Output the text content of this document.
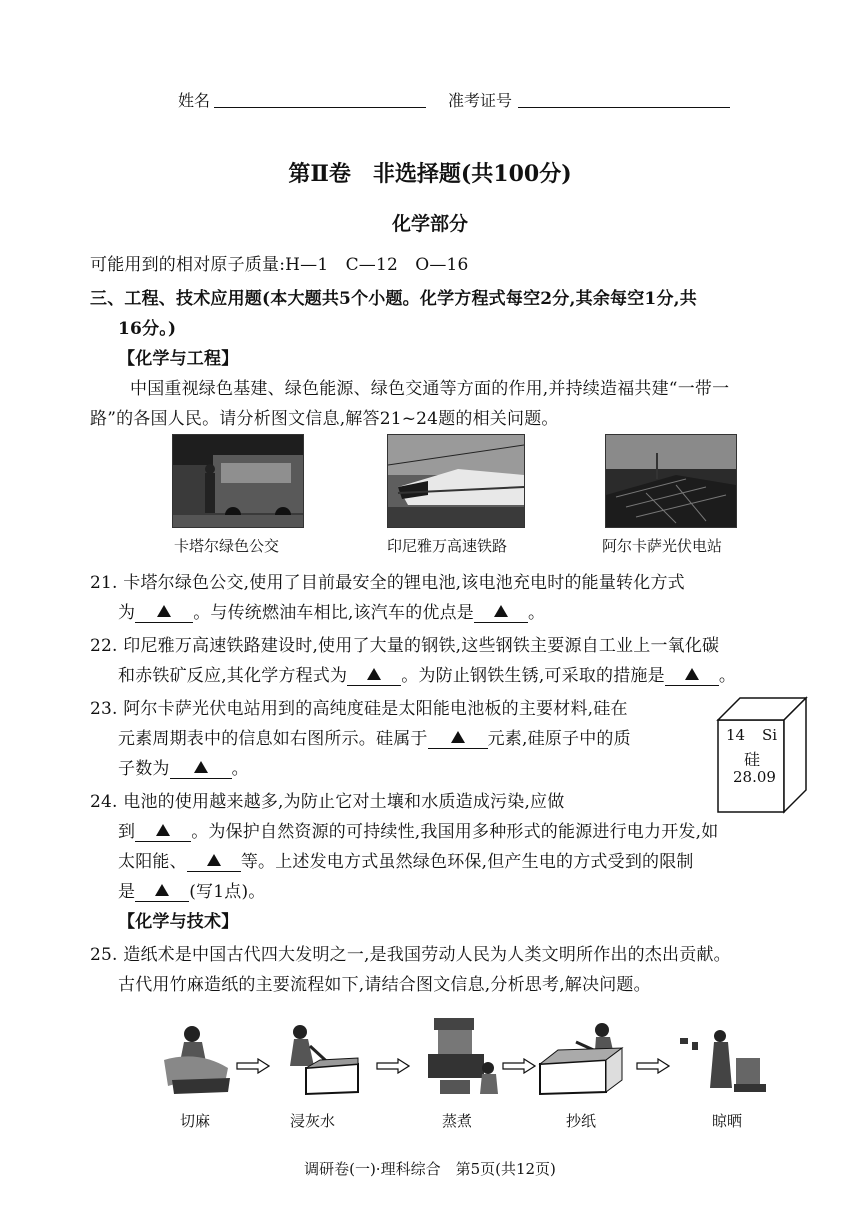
姓名	准考证号
第Ⅱ卷　非选择题(共100分)
化学部分
可能用到的相对原子质量:H—1　C—12　O—16
三、工程、技术应用题(本大题共5个小题。化学方程式每空2分,其余每空1分,共
16分。)
【化学与工程】
中国重视绿色基建、绿色能源、绿色交通等方面的作用,并持续造福共建“一带一
路”的各国人民。请分析图文信息,解答21~24题的相关问题。
卡塔尔绿色公交	印尼雅万高速铁路	阿尔卡萨光伏电站
21. 卡塔尔绿色公交,使用了目前最安全的锂电池,该电池充电时的能量转化方式
为	。与传统燃油车相比,该汽车的优点是	。
22. 印尼雅万高速铁路建设时,使用了大量的钢铁,这些钢铁主要源自工业上一氧化碳
和赤铁矿反应,其化学方程式为	。为防止钢铁生锈,可采取的措施是	。
23. 阿尔卡萨光伏电站用到的高纯度硅是太阳能电池板的主要材料,硅在
元素周期表中的信息如右图所示。硅属于	元素,硅原子中的质
子数为	。
14 Si
硅
28.09
24. 电池的使用越来越多,为防止它对土壤和水质造成污染,应做
到	。为保护自然资源的可持续性,我国用多种形式的能源进行电力开发,如
太阳能、	等。上述发电方式虽然绿色环保,但产生电的方式受到的限制
是	(写1点)。
【化学与技术】
25. 造纸术是中国古代四大发明之一,是我国劳动人民为人类文明所作出的杰出贡献。
古代用竹麻造纸的主要流程如下,请结合图文信息,分析思考,解决问题。
切麻	浸灰水	蒸煮	抄纸	晾晒
调研卷(一)·理科综合　第5页(共12页)
